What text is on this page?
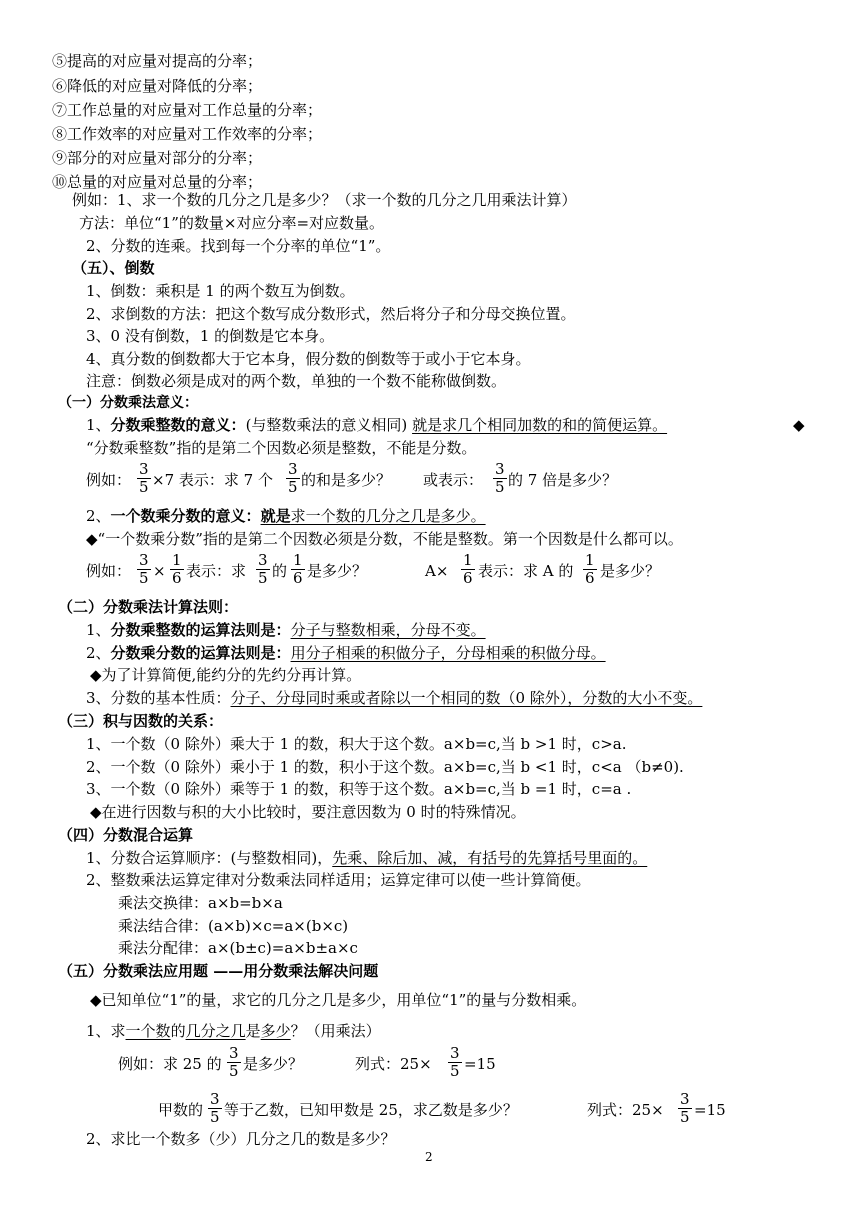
⑤提高的对应量对提高的分率；
⑥降低的对应量对降低的分率；
⑦工作总量的对应量对工作总量的分率；
⑧工作效率的对应量对工作效率的分率；
⑨部分的对应量对部分的分率；
⑩总量的对应量对总量的分率；
例如：1、求一个数的几分之几是多少？（求一个数的几分之几用乘法计算）
方法：单位“1”的数量×对应分率=对应数量。
2、分数的连乘。找到每一个分率的单位“1”。
（五）、倒数
1、倒数：乘积是 1 的两个数互为倒数。
2、求倒数的方法：把这个数写成分数形式，然后将分子和分母交换位置。
3、0 没有倒数，1 的倒数是它本身。
4、真分数的倒数都大于它本身，假分数的倒数等于或小于它本身。
注意：倒数必须是成对的两个数，单独的一个数不能称做倒数。
（一）分数乘法意义：
1、分数乘整数的意义：(与整数乘法的意义相同) 就是求几个相同加数的和的简便运算。	◆
“分数乘整数”指的是第二个因数必须是整数，不能是分数。
例如： $\frac{3}{5} \times 7$ 表示：求 7 个 $\frac{3}{5}$ 的和是多少？ 或表示： $\frac{3}{5}$ 的 7 倍是多少？
2、一个数乘分数的意义：就是求一个数的几分之几是多少。
◆“一个数乘分数”指的是第二个因数必须是分数，不能是整数。第一个因数是什么都可以。
例如： $\frac{3}{5} \times \frac{1}{6}$ 表示：求 $\frac{3}{5}$ 的 $\frac{1}{6}$ 是多少？	$A\times \frac{1}{6}$ 表示：求 A 的 $\frac{1}{6}$ 是多少？
（二）分数乘法计算法则：
1、分数乘整数的运算法则是：分子与整数相乘，分母不变。
2、分数乘分数的运算法则是：用分子相乘的积做分子，分母相乘的积做分母。
◆为了计算简便,能约分的先约分再计算。
3、分数的基本性质：分子、分母同时乘或者除以一个相同的数（0 除外），分数的大小不变。
（三）积与因数的关系：
1、一个数（0 除外）乘大于 1 的数，积大于这个数。a×b=c,当 b >1 时，c>a.
2、一个数（0 除外）乘小于 1 的数，积小于这个数。a×b=c,当 b <1 时，c<a （b≠0).
3、一个数（0 除外）乘等于 1 的数，积等于这个数。a×b=c,当 b =1 时，c=a .
◆在进行因数与积的大小比较时，要注意因数为 0 时的特殊情况。
（四）分数混合运算
1、分数合运算顺序：(与整数相同)，先乘、除后加、减，有括号的先算括号里面的。
2、整数乘法运算定律对分数乘法同样适用；运算定律可以使一些计算简便。
乘法交换律：a×b=b×a
乘法结合律：(a×b)×c=a×(b×c)
乘法分配律：a×(b±c)=a×b±a×c
（五）分数乘法应用题 ——用分数乘法解决问题
◆已知单位“1”的量，求它的几分之几是多少，用单位“1”的量与分数相乘。
1、求一个数的几分之几是多少？（用乘法）
例如：求 25 的 $\frac{3}{5}$ 是多少？	列式：$25\times \frac{3}{5} =15$
甲数的 $\frac{3}{5}$ 等于乙数，已知甲数是 25，求乙数是多少？	列式：$25\times \frac{3}{5} =15$
2、求比一个数多（少）几分之几的数是多少？
2
